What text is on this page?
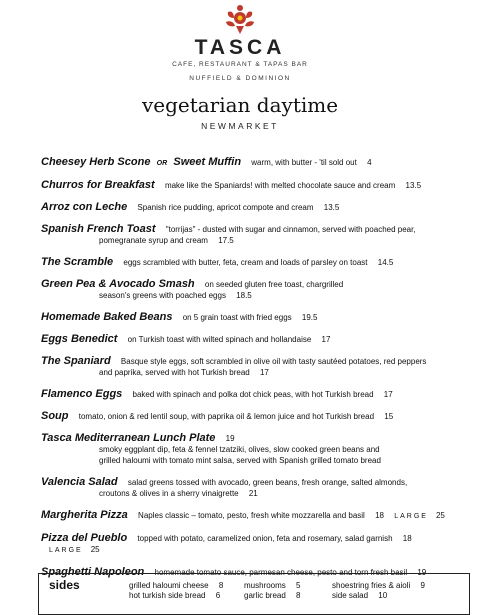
TASCA
CAFE, RESTAURANT & TAPAS BAR
NUFFIELD & DOMINION
vegetarian daytime
NEWMARKET
Cheesey Herb Scone OR Sweet Muffin warm, with butter - 'til sold out 4
Churros for Breakfast make like the Spaniards! with melted chocolate sauce and cream 13.5
Arroz con Leche Spanish rice pudding, apricot compote and cream 13.5
Spanish French Toast "torrijas" - dusted with sugar and cinnamon, served with poached pear,
pomegranate syrup and cream 17.5
The Scramble eggs scrambled with butter, feta, cream and loads of parsley on toast 14.5
Green Pea & Avocado Smash on seeded gluten free toast, chargrilled
season's greens with poached eggs 18.5
Homemade Baked Beans on 5 grain toast with fried eggs 19.5
Eggs Benedict on Turkish toast with wilted spinach and hollandaise 17
The Spaniard Basque style eggs, soft scrambled in olive oil with tasty sautéed potatoes, red peppers
and paprika, served with hot Turkish bread 17
Flamenco Eggs baked with spinach and polka dot chick peas, with hot Turkish bread 17
Soup tomato, onion & red lentil soup, with paprika oil & lemon juice and hot Turkish bread 15
Tasca Mediterranean Lunch Plate 19
smoky eggplant dip, feta & fennel tzatziki, olives, slow cooked green beans and
grilled haloumi with tomato mint salsa, served with Spanish grilled tomato bread
Valencia Salad salad greens tossed with avocado, green beans, fresh orange, salted almonds,
croutons & olives in a sherry vinaigrette 21
Margherita Pizza Naples classic – tomato, pesto, fresh white mozzarella and basil 18 LARGE 25
Pizza del Pueblo topped with potato, caramelized onion, feta and rosemary, salad garnish 18 LARGE 25
Spaghetti Napoleon homemade tomato sauce, parmesan cheese, pesto and torn fresh basil 19
sides	grilled haloumi cheese 8
hot turkish side bread 6
mushrooms 5
garlic bread 8
shoestring fries & aioli 9
side salad 10
